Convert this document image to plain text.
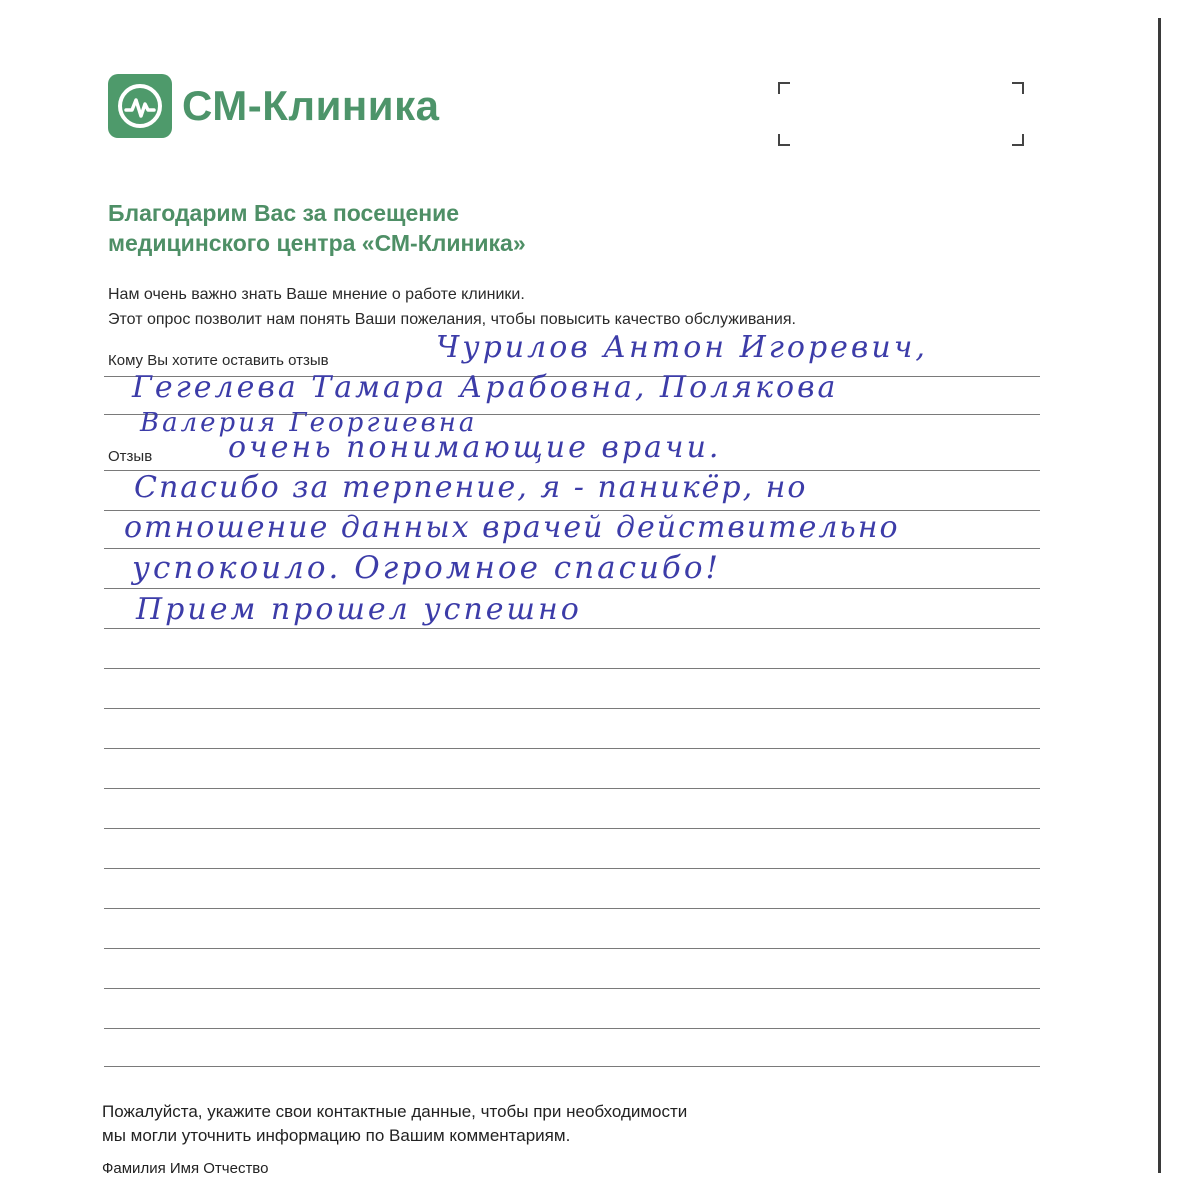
СМ-Клиника
Благодарим Вас за посещение
медицинского центра «СМ-Клиника»
Нам очень важно знать Ваше мнение о работе клиники.
Этот опрос позволит нам понять Ваши пожелания, чтобы повысить качество обслуживания.
Кому Вы хотите оставить отзыв
Отзыв
Чурилов Антон Игоревич,
Гегелева Тамара Арабовна, Полякова
Валерия Георгиевна
очень понимающие врачи.
Спасибо за терпение, я - паникёр, но
отношение данных врачей действительно
успокоило. Огромное спасибо!
Прием прошел успешно
Пожалуйста, укажите свои контактные данные, чтобы при необходимости
мы могли уточнить информацию по Вашим комментариям.
Фамилия Имя Отчество
